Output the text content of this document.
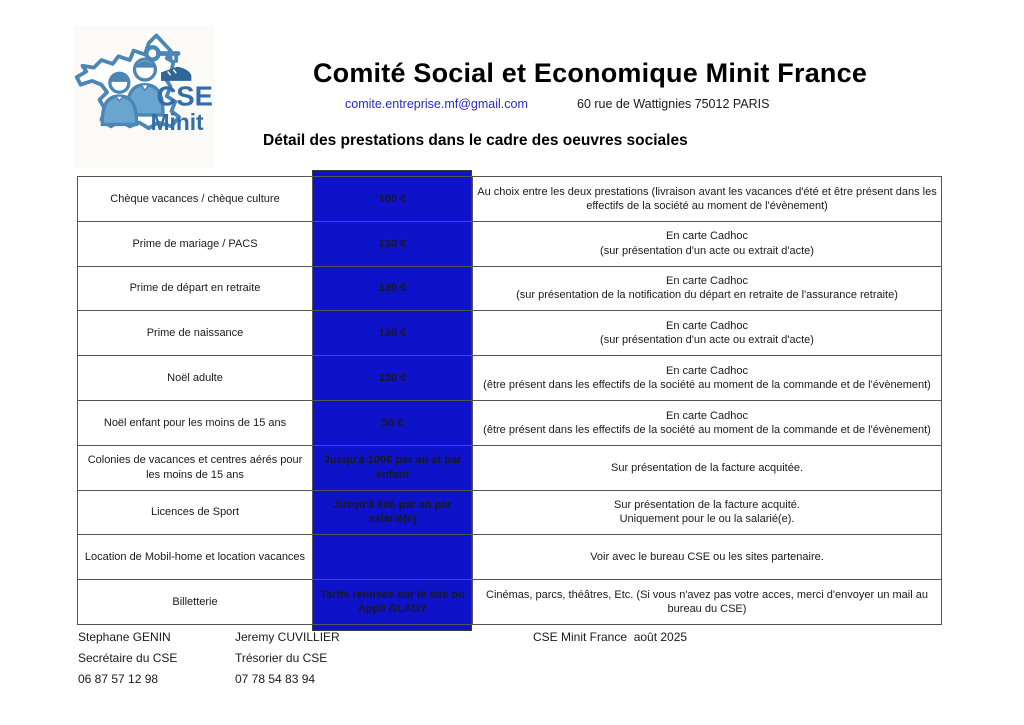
CSE
Minit
Comité Social et Economique Minit France
comite.entreprise.mf@gmail.com	60 rue de Wattignies 75012 PARIS
Détail des prestations dans le cadre des oeuvres sociales
Chèque vacances / chèque culture	100 €	Au choix entre les deux prestations (livraison avant les vacances d'été et être présent dans les effectifs de la société au moment de l'évènement)
Prime de mariage / PACS	130 €	En carte Cadhoc
(sur présentation d'un acte ou extrait d'acte)
Prime de départ en retraite	130 €	En carte Cadhoc
(sur présentation de la notification du départ en retraite de l'assurance retraite)
Prime de naissance	130 €	En carte Cadhoc
(sur présentation d'un acte ou extrait d'acte)
Noël adulte	130 €	En carte Cadhoc
(être présent dans les effectifs de la société au moment de la commande et de l'évènement)
Noël enfant pour les moins de 15 ans	50 €	En carte Cadhoc
(être présent dans les effectifs de la société au moment de la commande et de l'évènement)
Colonies de vacances et centres aérés pour les moins de 15 ans	Jusqu'à 100€ par an et par enfant	Sur présentation de la facture acquitée.
Licences de Sport	Jusqu'à 60€ par an par salarié(e)	Sur présentation de la facture acquité.
Uniquement pour le ou la salarié(e).
Location de Mobil-home et location vacances		Voir avec le bureau CSE ou les sites partenaire.
Billetterie	Tarifs remisés sur le site ou Appli GLADY	Cinémas, parcs, théâtres, Etc. (Si vous n'avez pas votre acces, merci d'envoyer un mail au bureau du CSE)
Stephane GENIN
Secrétaire du CSE
06 87 57 12 98
Jeremy CUVILLIER
Trésorier du CSE
07 78 54 83 94
CSE Minit France  août 2025
